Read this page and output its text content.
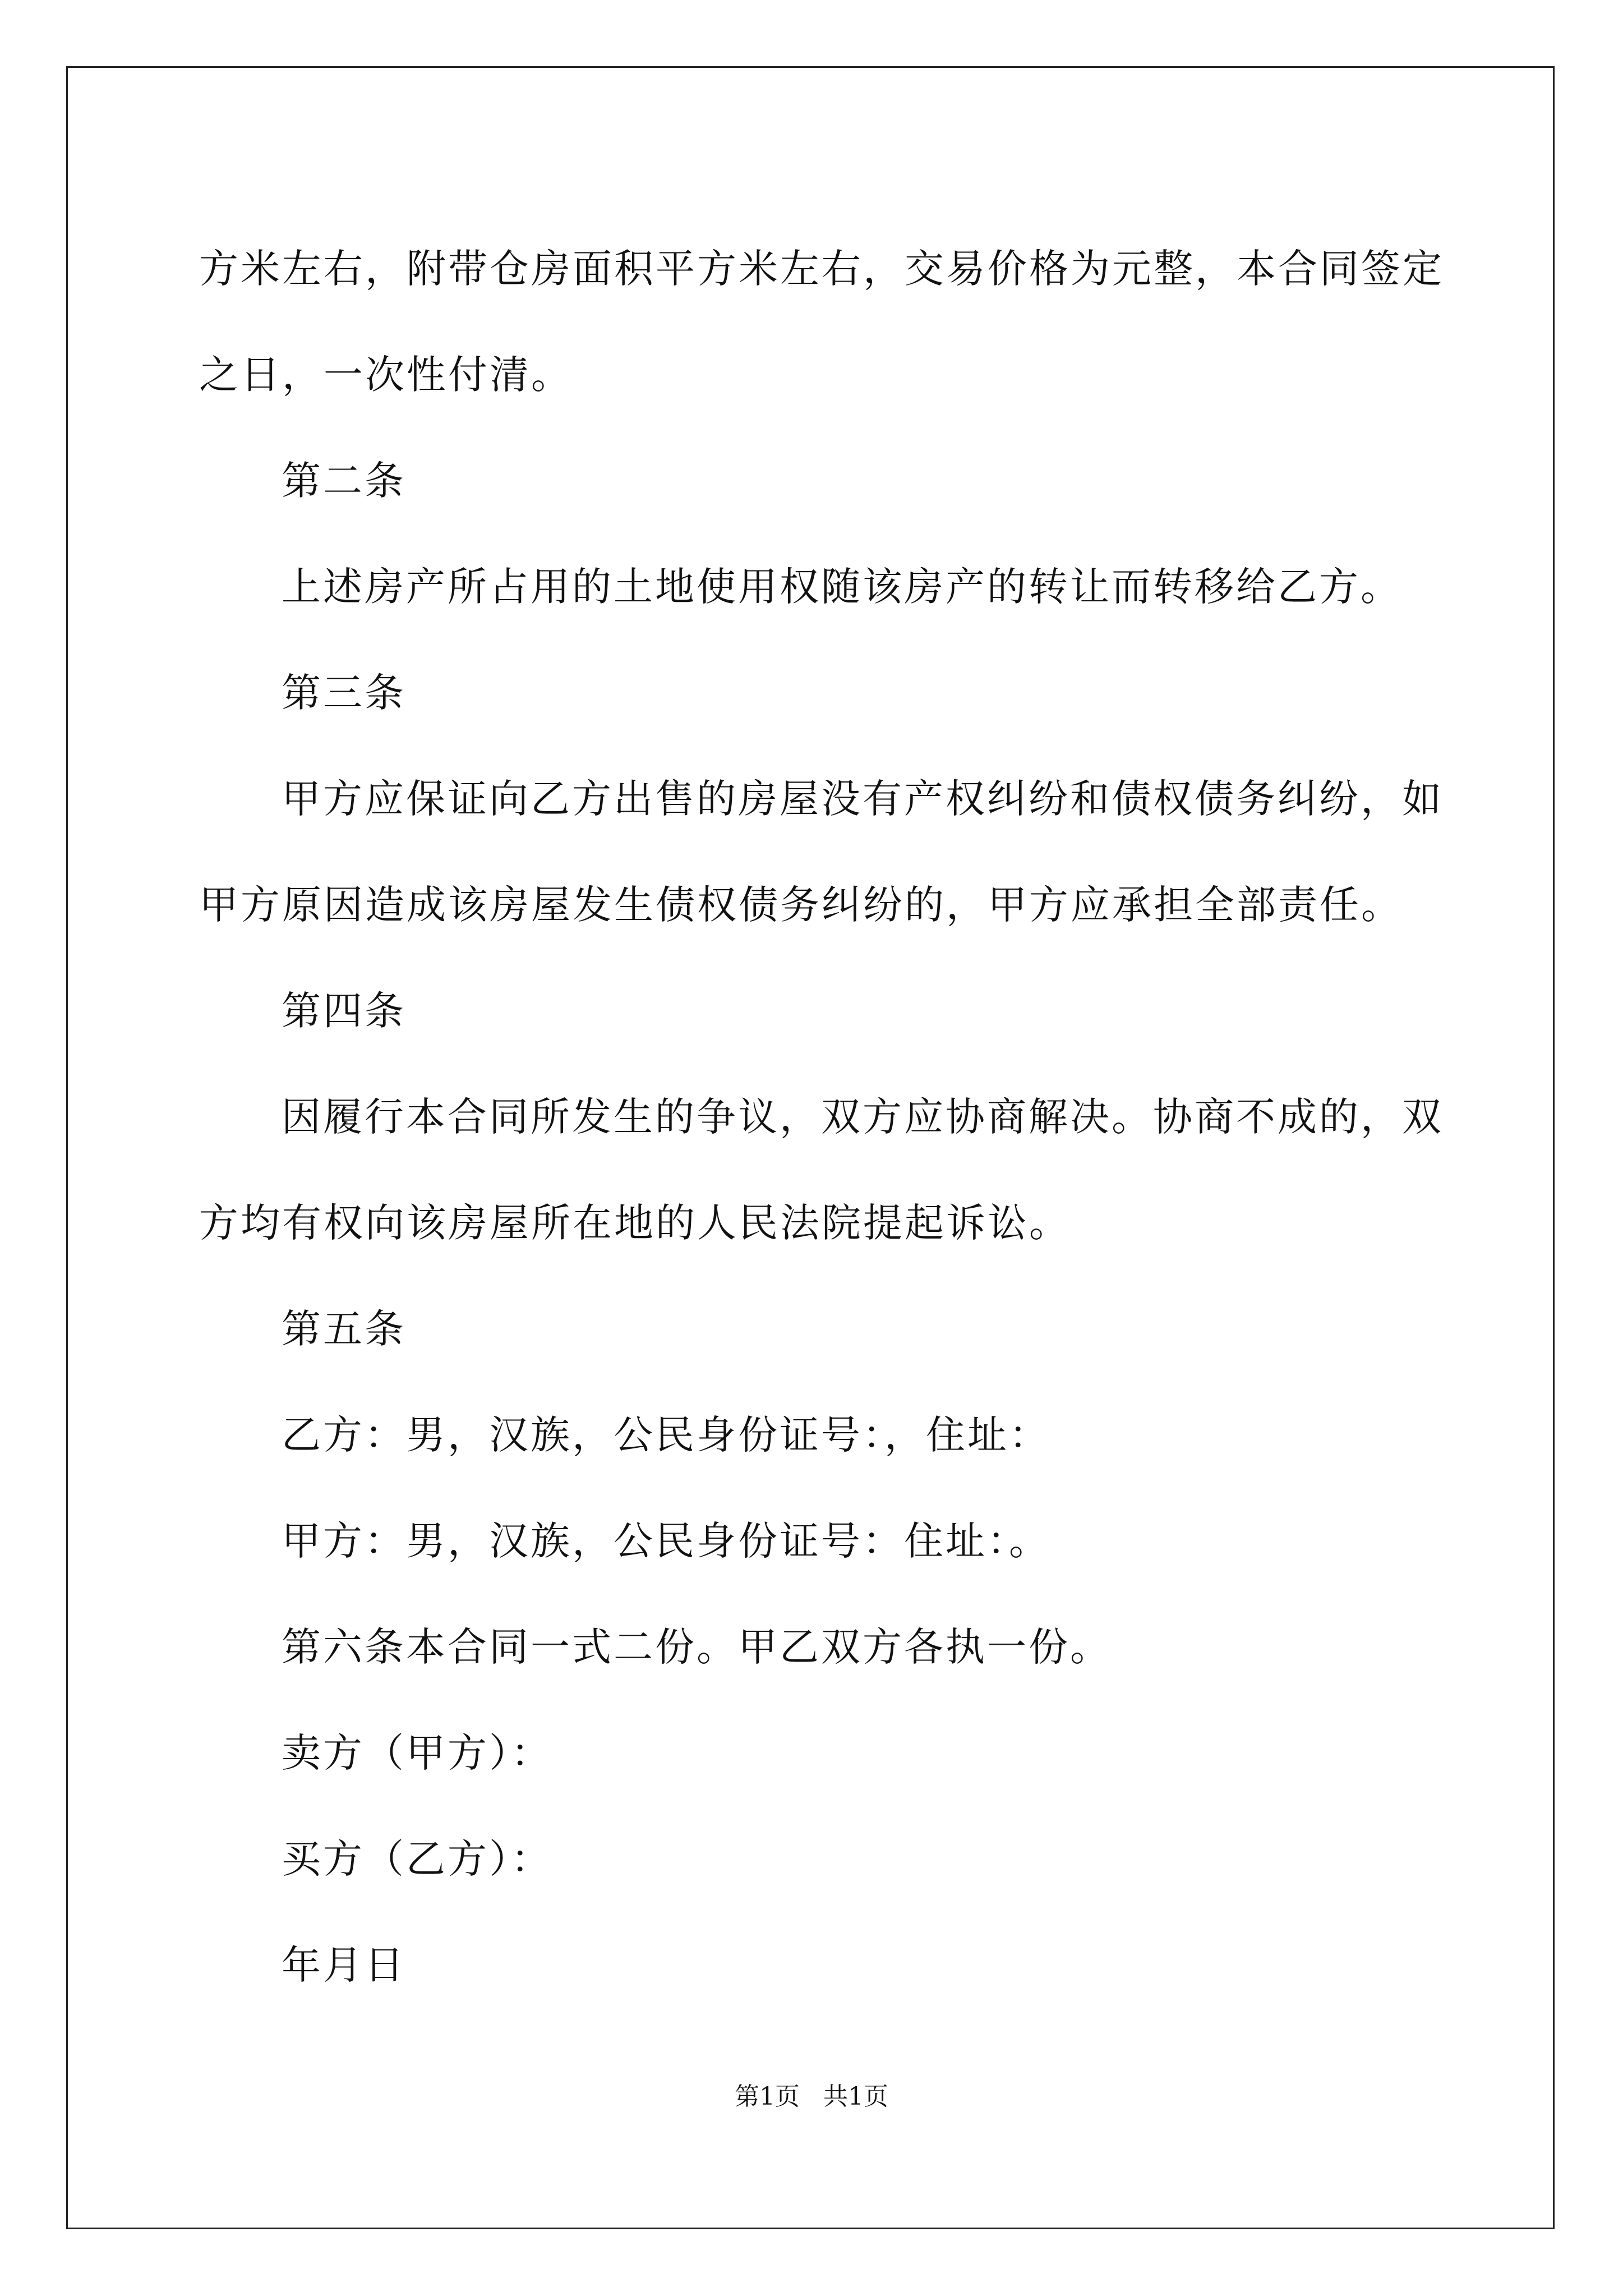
方米左右，附带仓房面积平方米左右，交易价格为元整，本合同签定
之日，一次性付清。
第二条
上述房产所占用的土地使用权随该房产的转让而转移给乙方。
第三条
甲方应保证向乙方出售的房屋没有产权纠纷和债权债务纠纷，如
甲方原因造成该房屋发生债权债务纠纷的，甲方应承担全部责任。
第四条
因履行本合同所发生的争议，双方应协商解决。协商不成的，双
方均有权向该房屋所在地的人民法院提起诉讼。
第五条
乙方：男，汉族，公民身份证号：，住址：
甲方：男，汉族，公民身份证号：住址：。
第六条本合同一式二份。甲乙双方各执一份。
卖方（甲方）：
买方（乙方）：
年月日
第1页 共1页
